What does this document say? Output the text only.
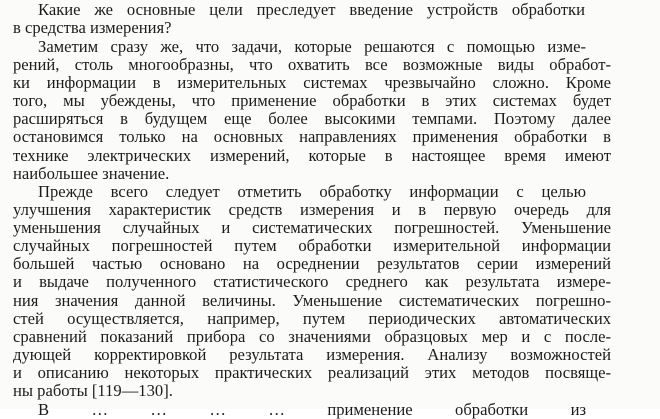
Какие же основные цели преследует введение устройств обработки
в средства измерения?
Заметим сразу же, что задачи, которые решаются с помощью изме-
рений, столь многообразны, что охватить все возможные виды обработ-
ки информации в измерительных системах чрезвычайно сложно. Кроме
того, мы убеждены, что применение обработки в этих системах будет
расширяться в будущем еще более высокими темпами. Поэтому далее
остановимся только на основных направлениях применения обработки в
технике электрических измерений, которые в настоящее время имеют
наибольшее значение.
Прежде всего следует отметить обработку информации с целью
улучшения характеристик средств измерения и в первую очередь для
уменьшения случайных и систематических погрешностей. Уменьшение
случайных погрешностей путем обработки измерительной информации
большей частью основано на осреднении результатов серии измерений
и выдаче полученного статистического среднего как результата измере-
ния значения данной величины. Уменьшение систематических погрешно-
стей осуществляется, например, путем периодических автоматических
сравнений показаний прибора со значениями образцовых мер и с после-
дующей корректировкой результата измерения. Анализу возможностей
и описанию некоторых практических реализаций этих методов посвяще-
ны работы [119—130].
В … … … … применение обработки из
